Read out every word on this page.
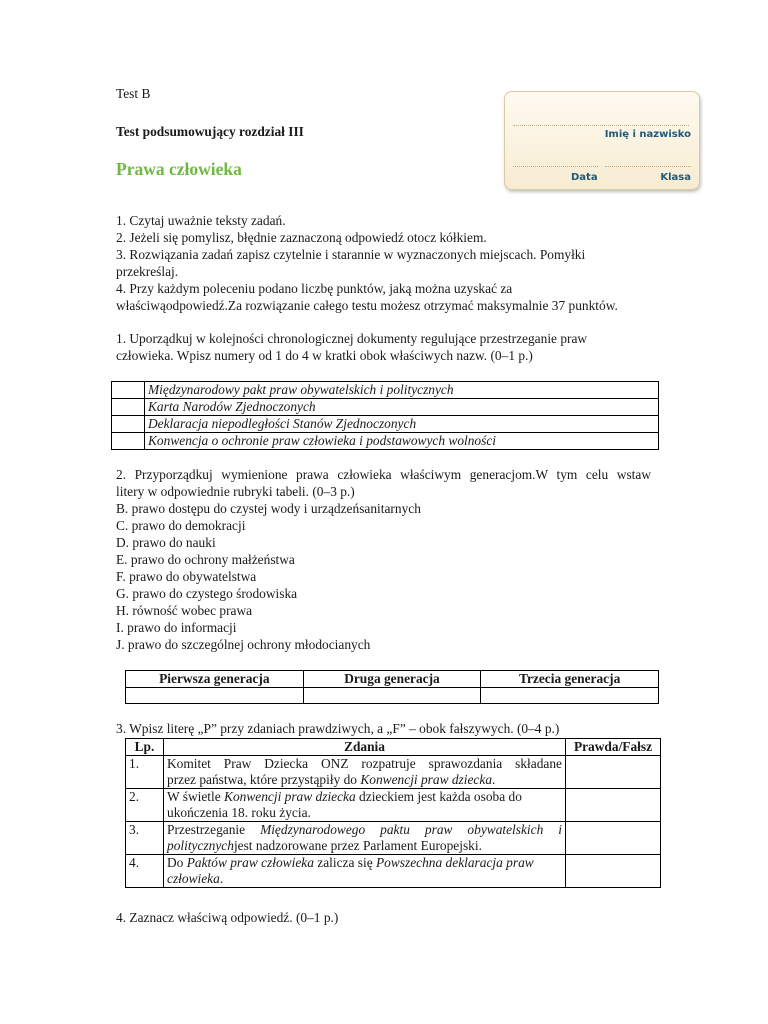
Test B
Test podsumowujący rozdział III
Prawa człowieka
Imię i nazwisko
Data	Klasa
1. Czytaj uważnie teksty zadań.
2. Jeżeli się pomylisz, błędnie zaznaczoną odpowiedź otocz kółkiem.
3. Rozwiązania zadań zapisz czytelnie i starannie w wyznaczonych miejscach. Pomyłki
przekreślaj.
4. Przy każdym poleceniu podano liczbę punktów, jaką można uzyskać za
właściwąodpowiedź.Za rozwiązanie całego testu możesz otrzymać maksymalnie 37 punktów.
1. Uporządkuj w kolejności chronologicznej dokumenty regulujące przestrzeganie praw
człowieka. Wpisz numery od 1 do 4 w kratki obok właściwych nazw. (0–1 p.)
	Międzynarodowy pakt praw obywatelskich i politycznych
	Karta Narodów Zjednoczonych
	Deklaracja niepodległości Stanów Zjednoczonych
	Konwencja o ochronie praw człowieka i podstawowych wolności
2. Przyporządkuj wymienione prawa człowieka właściwym generacjom.W tym celu wstaw
litery w odpowiednie rubryki tabeli. (0–3 p.)
B. prawo dostępu do czystej wody i urządzeńsanitarnych
C. prawo do demokracji
D. prawo do nauki
E. prawo do ochrony małżeństwa
F. prawo do obywatelstwa
G. prawo do czystego środowiska
H. równość wobec prawa
I. prawo do informacji
J. prawo do szczególnej ochrony młodocianych
Pierwsza generacja	Druga generacja	Trzecia generacja

3. Wpisz literę „P” przy zdaniach prawdziwych, a „F” – obok fałszywych. (0–4 p.)
Lp.	Zdania	Prawda/Fałsz
1.	Komitet Praw Dziecka ONZ rozpatruje sprawozdania składane
przez państwa, które przystąpiły do Konwencji praw dziecka.	

2.	W świetle Konwencji praw dziecka dzieckiem jest każda osoba do
ukończenia 18. roku życia.	

3.	Przestrzeganie Międzynarodowego paktu praw obywatelskich i
politycznychjest nadzorowane przez Parlament Europejski.	

4.	Do Paktów praw człowieka zalicza się Powszechna deklaracja praw
człowieka.	

4. Zaznacz właściwą odpowiedź. (0–1 p.)
